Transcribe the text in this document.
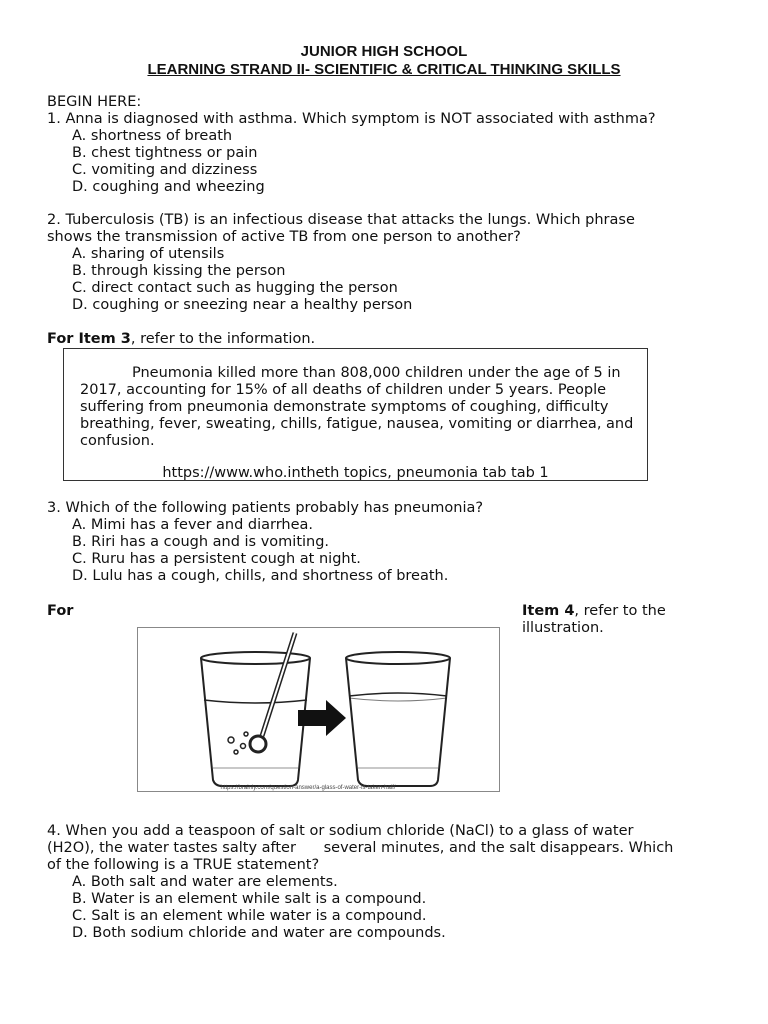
JUNIOR HIGH SCHOOL
LEARNING STRAND II- SCIENTIFIC & CRITICAL THINKING SKILLS
BEGIN HERE:
1. Anna is diagnosed with asthma. Which symptom is NOT associated with asthma?
A. shortness of breath
B. chest tightness or pain
C. vomiting and dizziness
D. coughing and wheezing
2. Tuberculosis (TB) is an infectious disease that attacks the lungs. Which phrase
shows the transmission of active TB from one person to another?
A. sharing of utensils
B. through kissing the person
C. direct contact such as hugging the person
D. coughing or sneezing near a healthy person
For Item 3, refer to the information.
Pneumonia killed more than 808,000 children under the age of 5 in 2017, accounting for 15% of all deaths of children under 5 years. People suffering from pneumonia demonstrate symptoms of coughing, difficulty breathing, fever, sweating, chills, fatigue, nausea, vomiting or diarrhea, and confusion.
https://www.who.intheth topics, pneumonia tab tab 1
3. Which of the following patients probably has pneumonia?
A. Mimi has a fever and diarrhea.
B. Riri has a cough and is vomiting.
C. Ruru has a persistent cough at night.
D. Lulu has a cough, chills, and shortness of breath.
For	Item 4, refer to the
illustration.
https://brainly.com/question-answer/a-glass-of-water-is-taken-half/
4. When you add a teaspoon of salt or sodium chloride (NaCl) to a glass of water
(H2O), the water tastes salty after      several minutes, and the salt disappears. Which
of the following is a TRUE statement?
A. Both salt and water are elements.
B. Water is an element while salt is a compound.
C. Salt is an element while water is a compound.
D. Both sodium chloride and water are compounds.
